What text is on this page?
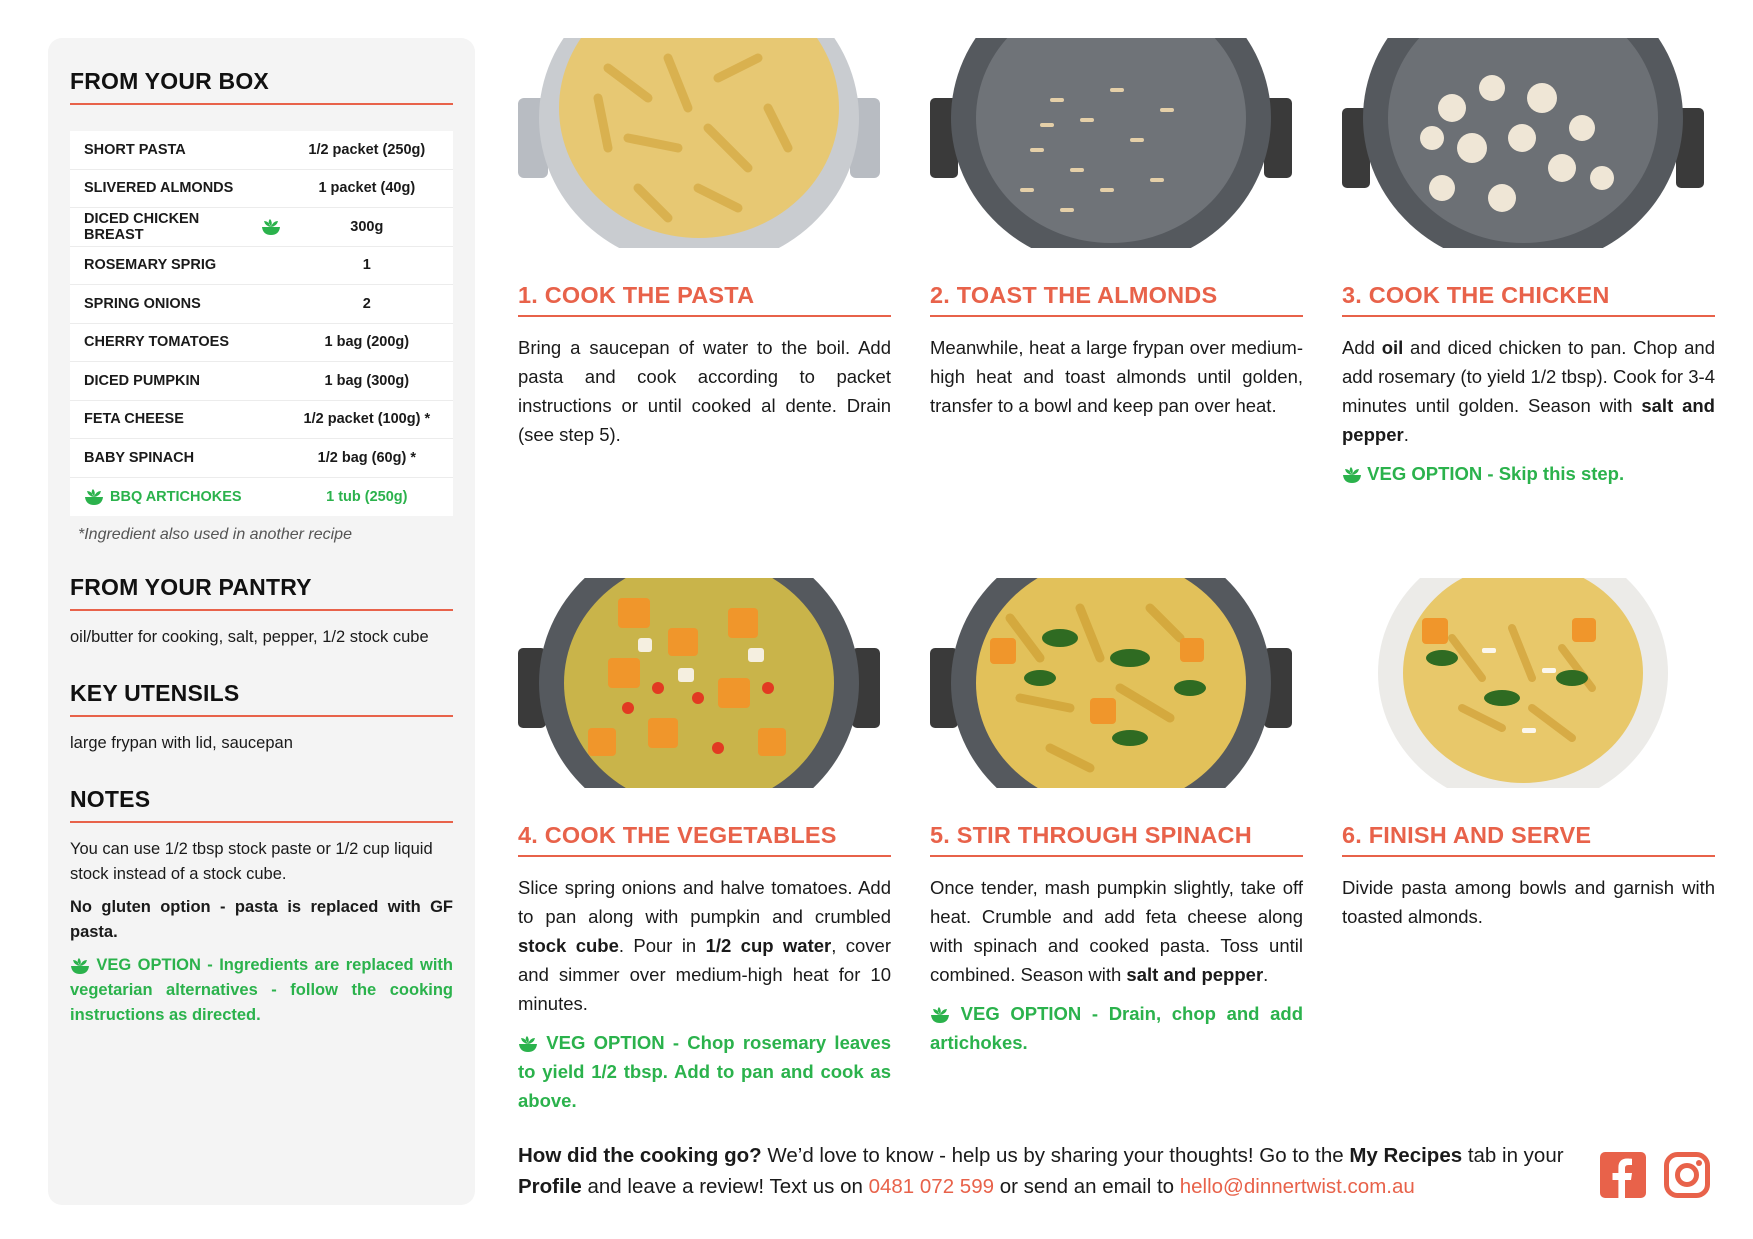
FROM YOUR BOX
SHORT PASTA	1/2 packet (250g)
SLIVERED ALMONDS	1 packet (40g)
DICED CHICKEN BREAST	300g
ROSEMARY SPRIG	1
SPRING ONIONS	2
CHERRY TOMATOES	1 bag (200g)
DICED PUMPKIN	1 bag (300g)
FETA CHEESE	1/2 packet (100g) *
BABY SPINACH	1/2 bag (60g) *
BBQ ARTICHOKES	1 tub (250g)
*Ingredient also used in another recipe
FROM YOUR PANTRY
oil/butter for cooking, salt, pepper, 1/2 stock cube
KEY UTENSILS
large frypan with lid, saucepan
NOTES
You can use 1/2 tbsp stock paste or 1/2 cup liquid stock instead of a stock cube.
No gluten option - pasta is replaced with GF pasta.
VEG OPTION - Ingredients are replaced with vegetarian alternatives - follow the cooking instructions as directed.
1. COOK THE PASTA
Bring a saucepan of water to the boil. Add pasta and cook according to packet instructions or until cooked al dente. Drain (see step 5).
2. TOAST THE ALMONDS
Meanwhile, heat a large frypan over medium-high heat and toast almonds until golden, transfer to a bowl and keep pan over heat.
3. COOK THE CHICKEN
Add oil and diced chicken to pan. Chop and add rosemary (to yield 1/2 tbsp). Cook for 3-4 minutes until golden. Season with salt and pepper.
VEG OPTION - Skip this step.
4. COOK THE VEGETABLES
Slice spring onions and halve tomatoes. Add to pan along with pumpkin and crumbled stock cube. Pour in 1/2 cup water, cover and simmer over medium-high heat for 10 minutes.
VEG OPTION - Chop rosemary leaves to yield 1/2 tbsp. Add to pan and cook as above.
5. STIR THROUGH SPINACH
Once tender, mash pumpkin slightly, take off heat. Crumble and add feta cheese along with spinach and cooked pasta. Toss until combined. Season with salt and pepper.
VEG OPTION - Drain, chop and add artichokes.
6. FINISH AND SERVE
Divide pasta among bowls and garnish with toasted almonds.
How did the cooking go? We’d love to know - help us by sharing your thoughts! Go to the My Recipes tab in your Profile and leave a review! Text us on 0481 072 599 or send an email to hello@dinnertwist.com.au
